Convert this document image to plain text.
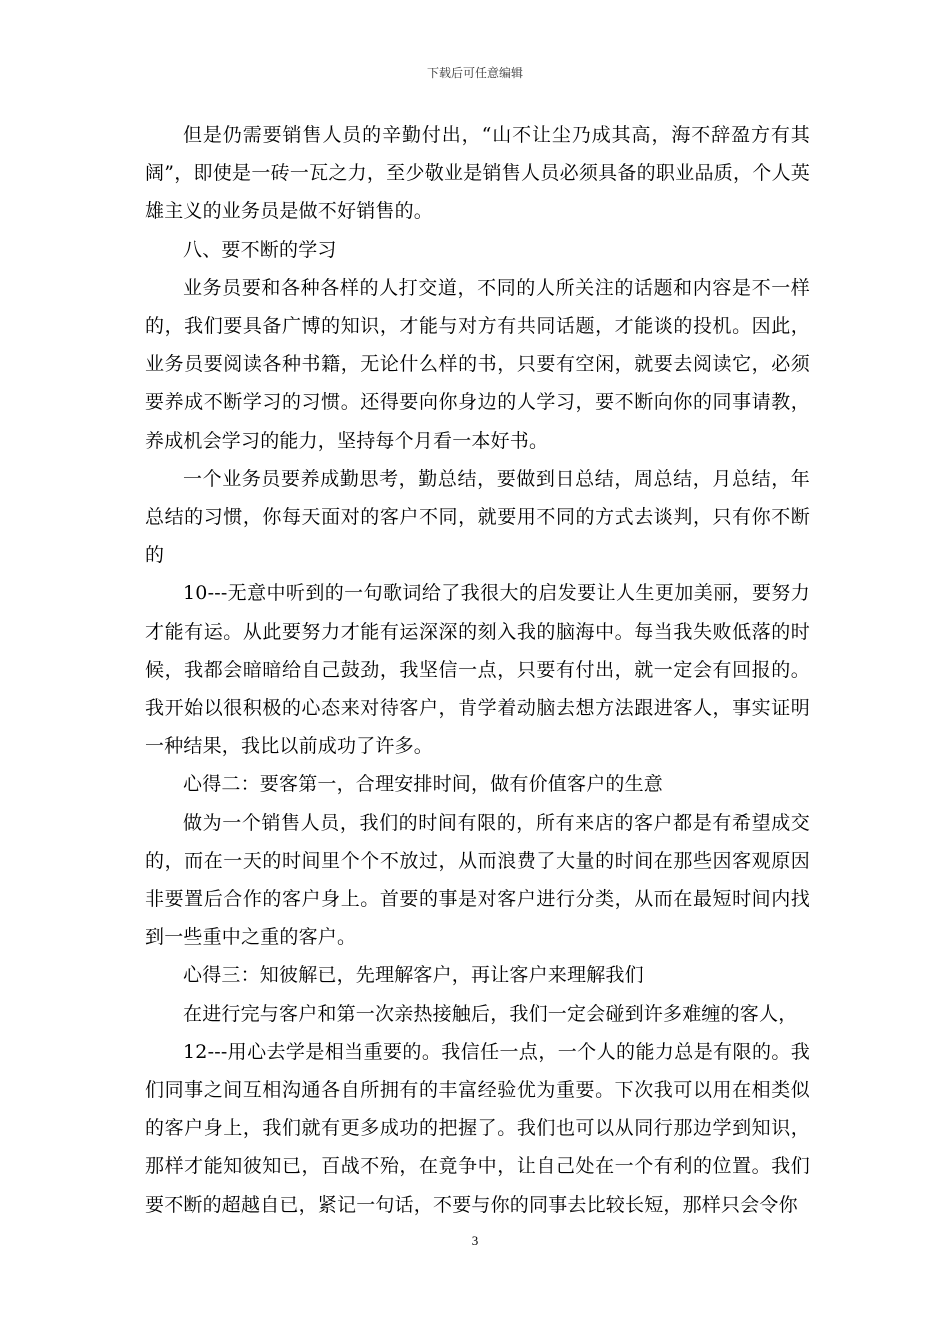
下载后可任意编辑

但是仍需要销售人员的辛勤付出，“山不让尘乃成其高，海不辞盈方有其阔”，即使是一砖一瓦之力，至少敬业是销售人员必须具备的职业品质，个人英雄主义的业务员是做不好销售的。

八、要不断的学习

业务员要和各种各样的人打交道，不同的人所关注的话题和内容是不一样的，我们要具备广博的知识，才能与对方有共同话题，才能谈的投机。因此，业务员要阅读各种书籍，无论什么样的书，只要有空闲，就要去阅读它，必须要养成不断学习的习惯。还得要向你身边的人学习，要不断向你的同事请教，养成机会学习的能力，坚持每个月看一本好书。

一个业务员要养成勤思考，勤总结，要做到日总结，周总结，月总结，年总结的习惯，你每天面对的客户不同，就要用不同的方式去谈判，只有你不断的

10---无意中听到的一句歌词给了我很大的启发要让人生更加美丽，要努力才能有运。从此要努力才能有运深深的刻入我的脑海中。每当我失败低落的时候，我都会暗暗给自己鼓劲，我坚信一点，只要有付出，就一定会有回报的。我开始以很积极的心态来对待客户，肯学着动脑去想方法跟进客人，事实证明一种结果，我比以前成功了许多。

心得二：要客第一，合理安排时间，做有价值客户的生意

做为一个销售人员，我们的时间有限的，所有来店的客户都是有希望成交的，而在一天的时间里个个不放过，从而浪费了大量的时间在那些因客观原因非要置后合作的客户身上。首要的事是对客户进行分类，从而在最短时间内找到一些重中之重的客户。

心得三：知彼解已，先理解客户，再让客户来理解我们

在进行完与客户和第一次亲热接触后，我们一定会碰到许多难缠的客人，

12---用心去学是相当重要的。我信任一点，一个人的能力总是有限的。我们同事之间互相沟通各自所拥有的丰富经验优为重要。下次我可以用在相类似的客户身上，我们就有更多成功的把握了。我们也可以从同行那边学到知识，那样才能知彼知已，百战不殆，在竟争中，让自己处在一个有利的位置。我们要不断的超越自已，紧记一句话，不要与你的同事去比较长短，那样只会令你

3
